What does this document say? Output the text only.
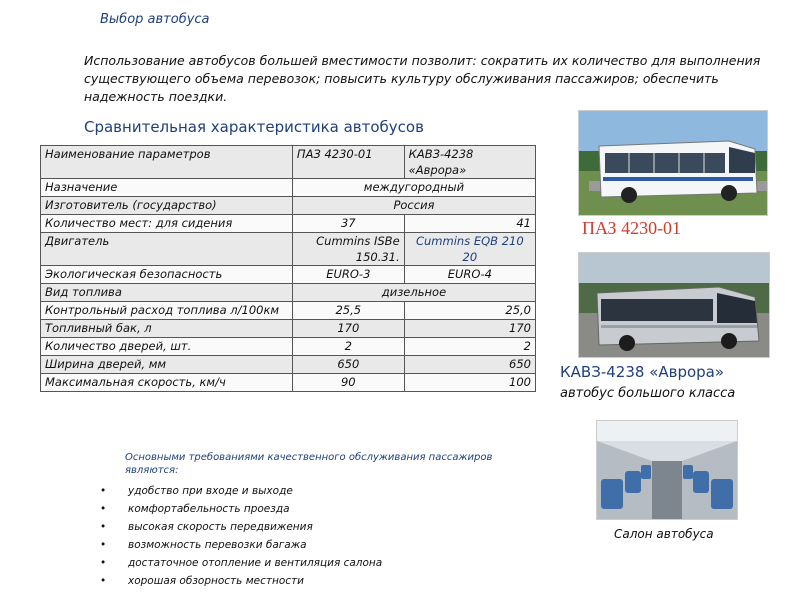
Выбор автобуса
Использование автобусов большей вместимости позволит: сократить их количество для выполнения существующего объема перевозок; повысить культуру обслуживания пассажиров; обеспечить надежность поездки.
Сравнительная характеристика автобусов
Наименование параметров	ПАЗ 4230-01	КАВЗ-4238 «Аврора»
Назначение	междугородный	
Изготовитель (государство)	Россия	
Количество мест: для сидения	37	41
Двигатель	Cummins ISBe 150.31.	Cummins EQB 210 20
Экологическая безопасность	EURO-3	EURO-4
Вид топлива	дизельное	
Контрольный расход топлива л/100км	25,5	25,0
Топливный бак, л	170	170
Количество дверей, шт.	2	2
Ширина дверей, мм	650	650
Максимальная скорость, км/ч	90	100
Основными требованиями качественного обслуживания пассажиров являются:
• удобство при входе и выходе
• комфортабельность проезда
• высокая скорость передвижения
• возможность перевозки багажа
• достаточное отопление и вентиляция салона
• хорошая обзорность местности
ПАЗ 4230-01
КАВЗ-4238 «Аврора»
автобус большого класса
Салон автобуса
